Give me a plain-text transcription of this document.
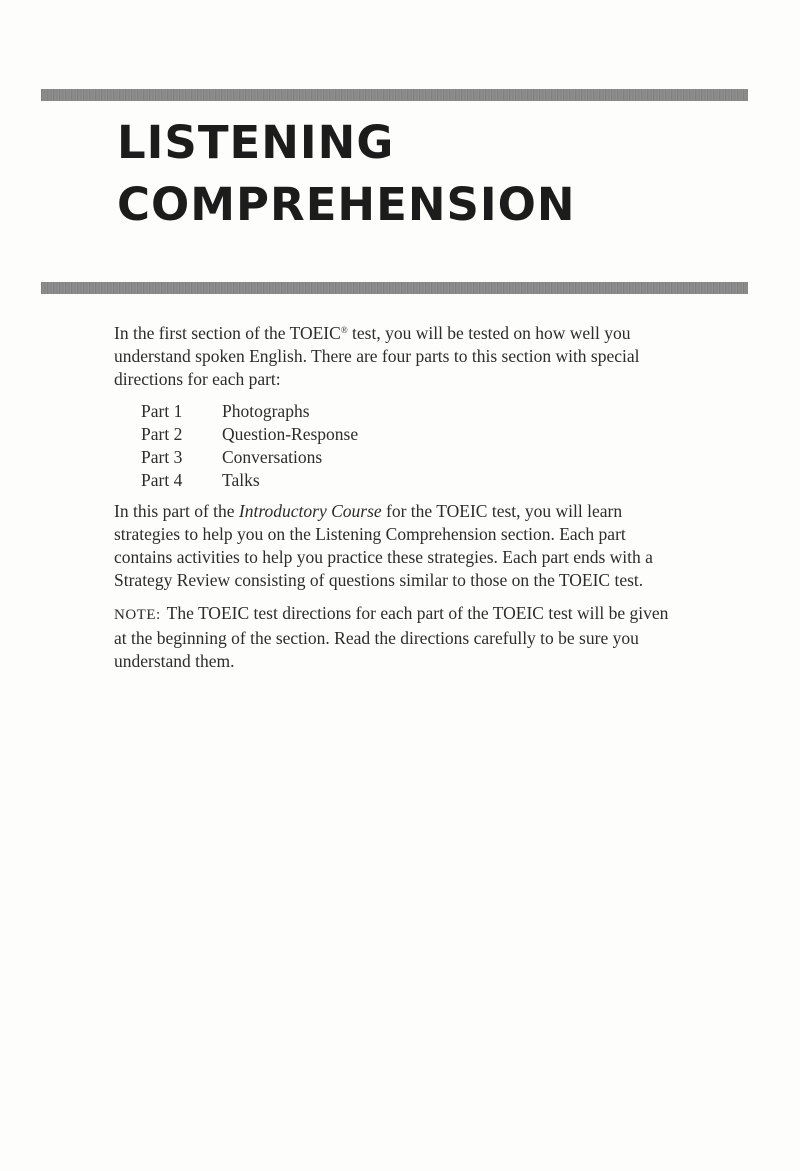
LISTENING
COMPREHENSION

In the first section of the TOEIC® test, you will be tested on how well you understand spoken English. There are four parts to this section with special directions for each part:

Part 1	Photographs
Part 2	Question-Response
Part 3	Conversations
Part 4	Talks

In this part of the Introductory Course for the TOEIC test, you will learn strategies to help you on the Listening Comprehension section. Each part contains activities to help you practice these strategies. Each part ends with a Strategy Review consisting of questions similar to those on the TOEIC test.

NOTE: The TOEIC test directions for each part of the TOEIC test will be given at the beginning of the section. Read the directions carefully to be sure you understand them.
